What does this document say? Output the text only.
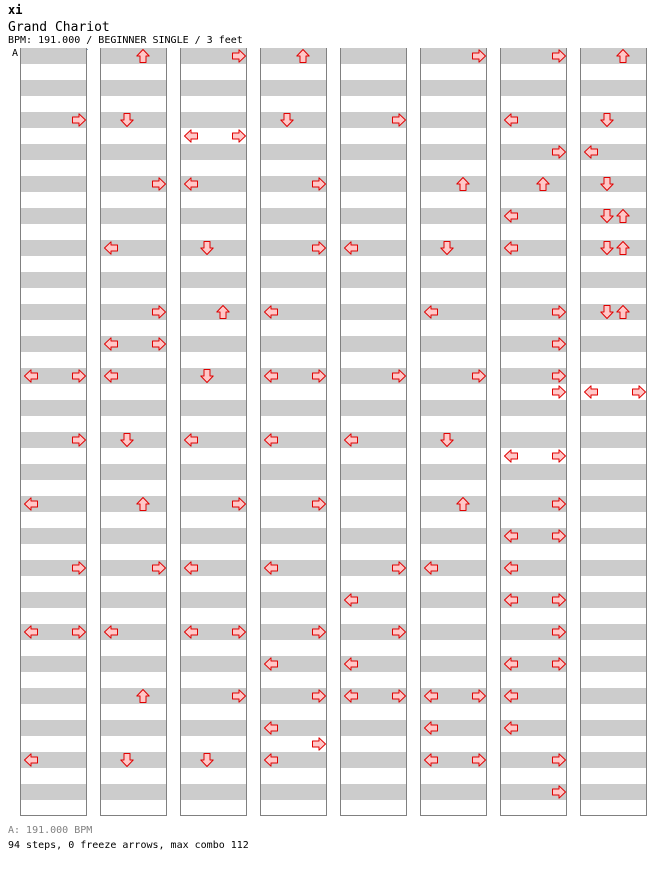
xi
Grand Chariot
BPM: 191.000 / BEGINNER SINGLE / 3 feet
A
A: 191.000 BPM
94 steps, 0 freeze arrows, max combo 112
